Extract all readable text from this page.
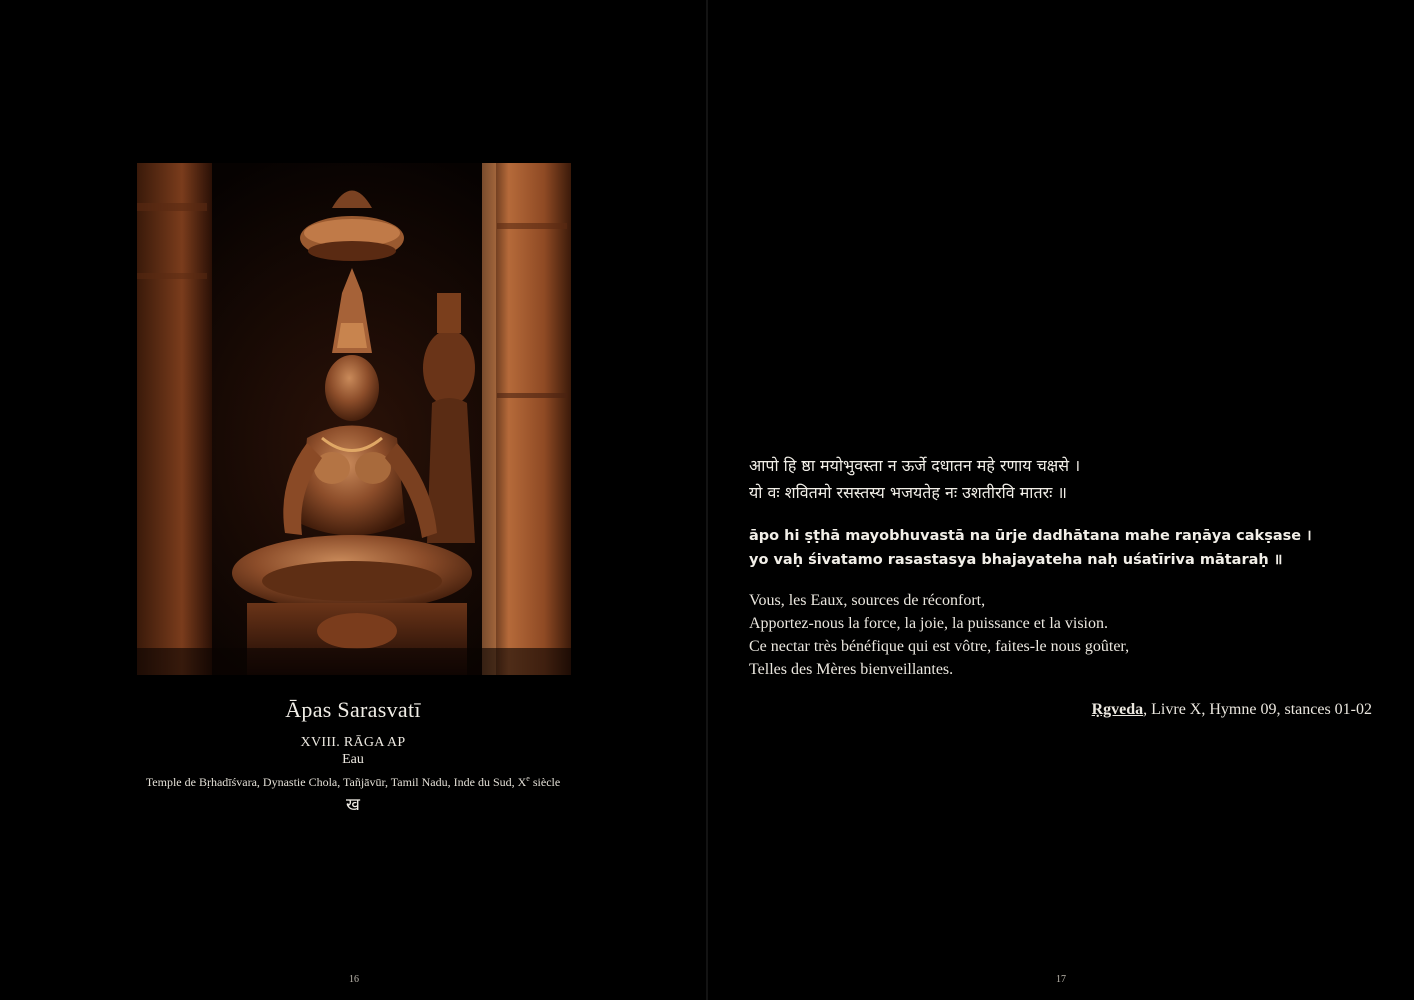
Āpas Sarasvatī
XVIII. RĀGA AP
Eau
Temple de Bṛhadīśvara, Dynastie Chola, Tañjāvūr, Tamil Nadu, Inde du Sud, Xe siècle
ख
16
आपो हि ष्ठा मयोभुवस्ता न ऊर्जे दधातन महे रणाय चक्षसे ।
यो वः शवितमो रसस्तस्य भजयतेह नः उशतीरवि मातरः ॥
āpo hi ṣṭhā mayobhuvastā na ūrje dadhātana mahe raṇāya cakṣase ।
yo vaḥ śivatamo rasastasya bhajayateha naḥ uśatīriva mātaraḥ ॥
Vous, les Eaux, sources de réconfort,
Apportez-nous la force, la joie, la puissance et la vision.
Ce nectar très bénéfique qui est vôtre, faites-le nous goûter,
Telles des Mères bienveillantes.
Ṛgveda, Livre X, Hymne 09, stances 01-02
17
